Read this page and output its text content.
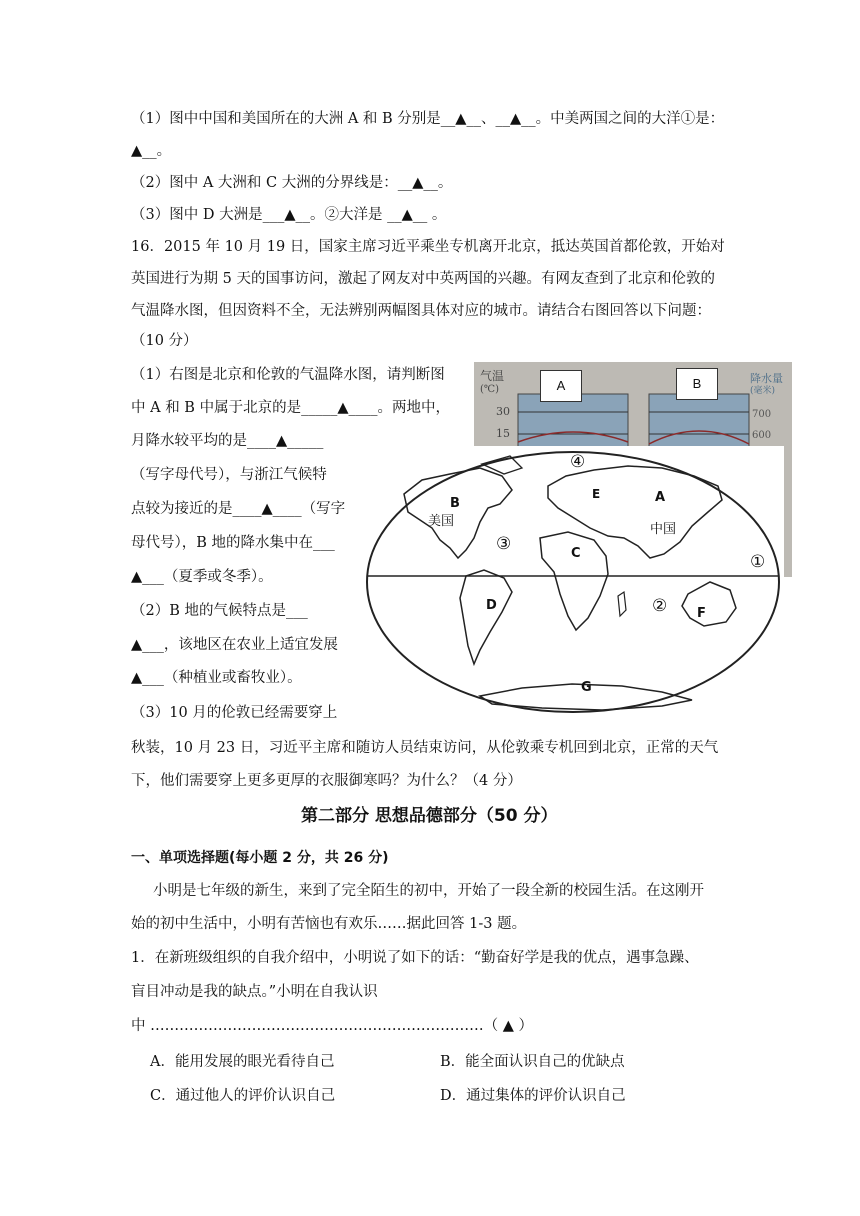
（1）图中中国和美国所在的大洲 A 和 B 分别是__▲__、__▲__。中美两国之间的大洋①是：
▲__。
（2）图中 A 大洲和 C 大洲的分界线是：__▲__。
（3）图中 D 大洲是___▲__。②大洋是 __▲__ 。
16．2015 年 10 月 19 日，国家主席习近平乘坐专机离开北京，抵达英国首都伦敦，开始对
英国进行为期 5 天的国事访问，激起了网友对中英两国的兴趣。有网友查到了北京和伦敦的
气温降水图，但因资料不全，无法辨别两幅图具体对应的城市。请结合右图回答以下问题：
（10 分）
（1）右图是北京和伦敦的气温降水图，请判断图
中 A 和 B 中属于北京的是_____▲____。两地中，
月降水较平均的是____▲_____
（写字母代号），与浙江气候特
点较为接近的是____▲____（写字
母代号），B 地的降水集中在___
▲___（夏季或冬季）。
（2）B 地的气候特点是___
▲___，该地区在农业上适宜发展
▲___（种植业或畜牧业）。
（3）10 月的伦敦已经需要穿上
秋装，10 月 23 日，习近平主席和随访人员结束访问，从伦敦乘专机回到北京，正常的天气
下，他们需要穿上更多更厚的衣服御寒吗？为什么？（4 分）
气温
(℃)
30
15
降水量
(毫米)
700
600
A	B
B
美国
A
中国
E
C
D
F
G
④
③
①
②
第二部分 思想品德部分（50 分）
一、单项选择题(每小题 2 分，共 26 分)
小明是七年级的新生，来到了完全陌生的初中，开始了一段全新的校园生活。在这刚开
始的初中生活中，小明有苦恼也有欢乐……据此回答 1-3 题。
1．在新班级组织的自我介绍中，小明说了如下的话：“勤奋好学是我的优点，遇事急躁、
盲目冲动是我的缺点。”小明在自我认识
中 ……………………………………………………………（ ▲ ）
A．能用发展的眼光看待自己	B．能全面认识自己的优缺点
C．通过他人的评价认识自己	D．通过集体的评价认识自己
